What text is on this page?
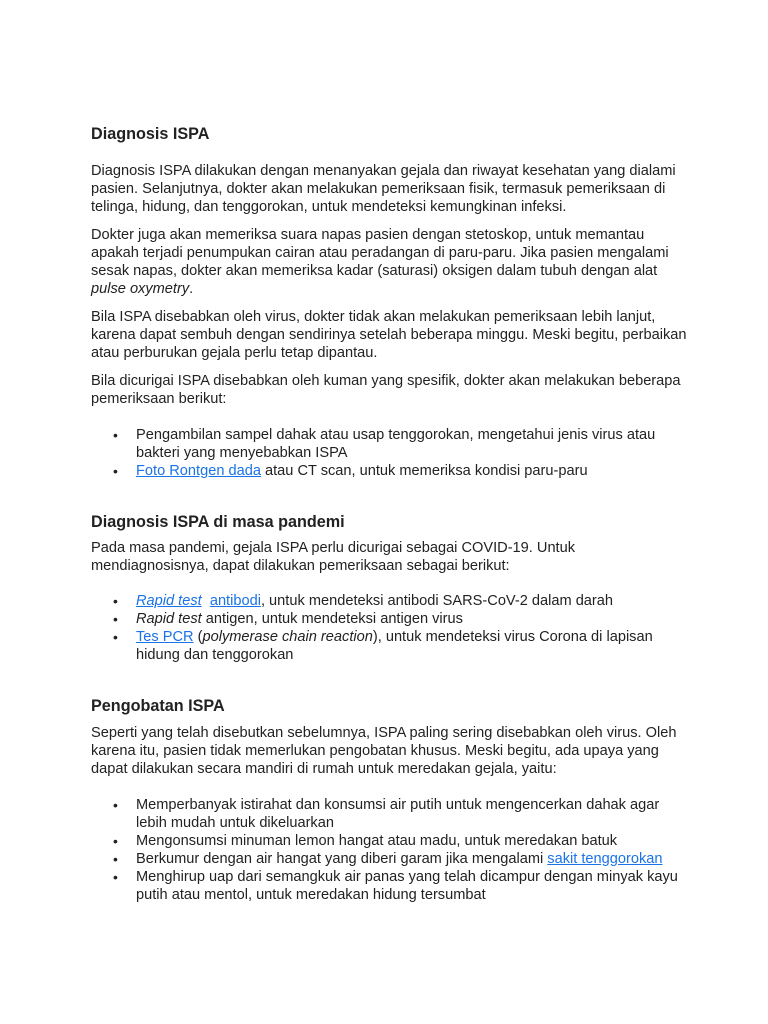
Diagnosis ISPA

Diagnosis ISPA dilakukan dengan menanyakan gejala dan riwayat kesehatan yang dialami pasien. Selanjutnya, dokter akan melakukan pemeriksaan fisik, termasuk pemeriksaan di telinga, hidung, dan tenggorokan, untuk mendeteksi kemungkinan infeksi.

Dokter juga akan memeriksa suara napas pasien dengan stetoskop, untuk memantau apakah terjadi penumpukan cairan atau peradangan di paru-paru. Jika pasien mengalami sesak napas, dokter akan memeriksa kadar (saturasi) oksigen dalam tubuh dengan alat pulse oxymetry.

Bila ISPA disebabkan oleh virus, dokter tidak akan melakukan pemeriksaan lebih lanjut, karena dapat sembuh dengan sendirinya setelah beberapa minggu. Meski begitu, perbaikan atau perburukan gejala perlu tetap dipantau.

Bila dicurigai ISPA disebabkan oleh kuman yang spesifik, dokter akan melakukan beberapa pemeriksaan berikut:

• Pengambilan sampel dahak atau usap tenggorokan, mengetahui jenis virus atau bakteri yang menyebabkan ISPA
• Foto Rontgen dada atau CT scan, untuk memeriksa kondisi paru-paru
Diagnosis ISPA di masa pandemi

Pada masa pandemi, gejala ISPA perlu dicurigai sebagai COVID-19. Untuk mendiagnosisnya, dapat dilakukan pemeriksaan sebagai berikut:

• Rapid test antibodi, untuk mendeteksi antibodi SARS-CoV-2 dalam darah
• Rapid test antigen, untuk mendeteksi antigen virus
• Tes PCR (polymerase chain reaction), untuk mendeteksi virus Corona di lapisan hidung dan tenggorokan
Pengobatan ISPA

Seperti yang telah disebutkan sebelumnya, ISPA paling sering disebabkan oleh virus. Oleh karena itu, pasien tidak memerlukan pengobatan khusus. Meski begitu, ada upaya yang dapat dilakukan secara mandiri di rumah untuk meredakan gejala, yaitu:

• Memperbanyak istirahat dan konsumsi air putih untuk mengencerkan dahak agar lebih mudah untuk dikeluarkan
• Mengonsumsi minuman lemon hangat atau madu, untuk meredakan batuk
• Berkumur dengan air hangat yang diberi garam jika mengalami sakit tenggorokan
• Menghirup uap dari semangkuk air panas yang telah dicampur dengan minyak kayu putih atau mentol, untuk meredakan hidung tersumbat
